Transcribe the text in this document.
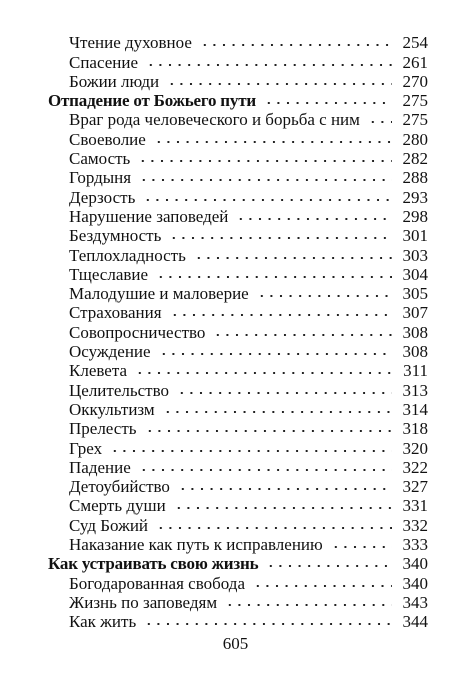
Чтение духовное	254
Спасение	261
Божии люди	270
Отпадение от Божьего пути	275
Враг рода человеческого и борьба с ним	275
Своеволие	280
Самость	282
Гордыня	288
Дерзость	293
Нарушение заповедей	298
Бездумность	301
Теплохладность	303
Тщеславие	304
Малодушие и маловерие	305
Страхования	307
Совопросничество	308
Осуждение	308
Клевета	311
Целительство	313
Оккультизм	314
Прелесть	318
Грех	320
Падение	322
Детоубийство	327
Смерть души	331
Суд Божий	332
Наказание как путь к исправлению	333
Как устраивать свою жизнь	340
Богодарованная свобода	340
Жизнь по заповедям	343
Как жить	344
605
